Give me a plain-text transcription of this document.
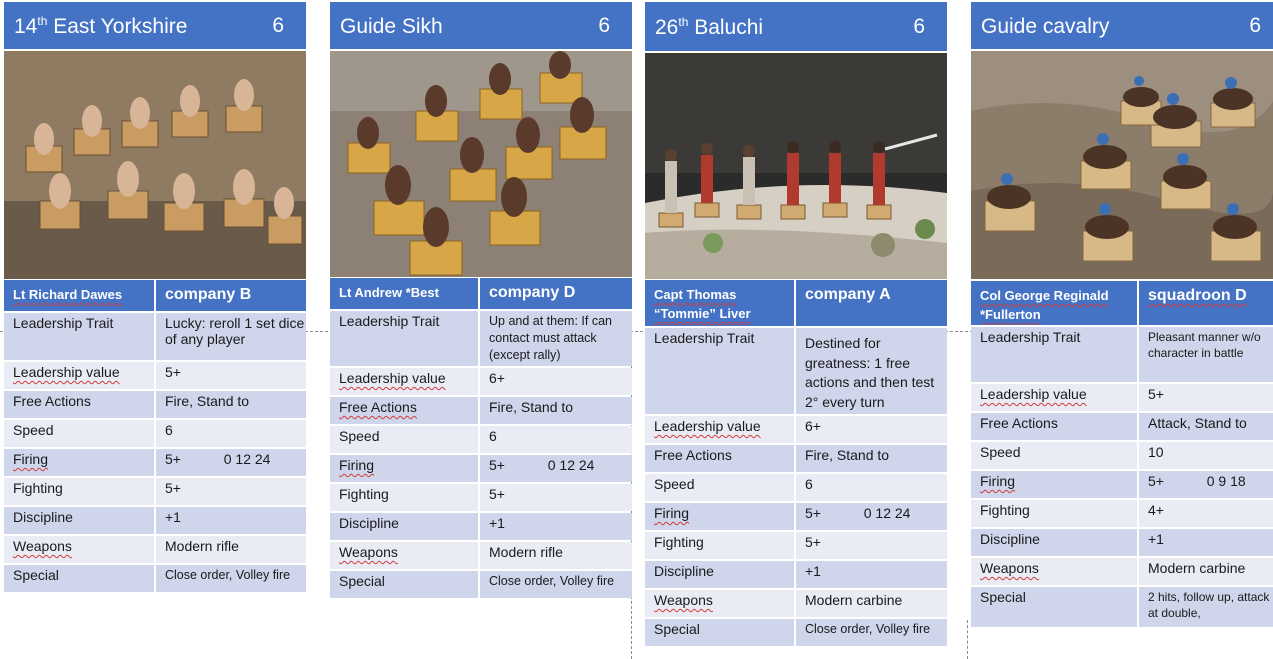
14th East Yorkshire	6
Lt Richard Dawes	company B
Leadership Trait	Lucky: reroll 1 set dice of any player
Leadership value	5+
Free Actions	Fire, Stand to
Speed	6
Firing	5+           0 12 24
Fighting	5+
Discipline	+1
Weapons	Modern rifle
Special	Close order, Volley fire
Guide Sikh	6
Lt Andrew *Best	company D
Leadership Trait	Up and at them: If can contact must attack (except rally)
Leadership value	6+
Free Actions	Fire, Stand to
Speed	6
Firing	5+           0 12 24
Fighting	5+
Discipline	+1
Weapons	Modern rifle
Special	Close order, Volley fire
26th Baluchi	6
Capt Thomas “Tommie” Liver	company A
Leadership Trait	Destined for greatness: 1 free actions and then test 2° every turn
Leadership value	6+
Free Actions	Fire, Stand to
Speed	6
Firing	5+           0 12 24
Fighting	5+
Discipline	+1
Weapons	Modern carbine
Special	Close order, Volley fire
Guide cavalry	6
Col George Reginald *Fullerton	squadroon D
Leadership Trait	Pleasant manner w/o character in battle
Leadership value	5+
Free Actions	Attack, Stand to
Speed	10
Firing	5+           0 9 18
Fighting	4+
Discipline	+1
Weapons	Modern carbine
Special	2 hits, follow up, attack at double,
